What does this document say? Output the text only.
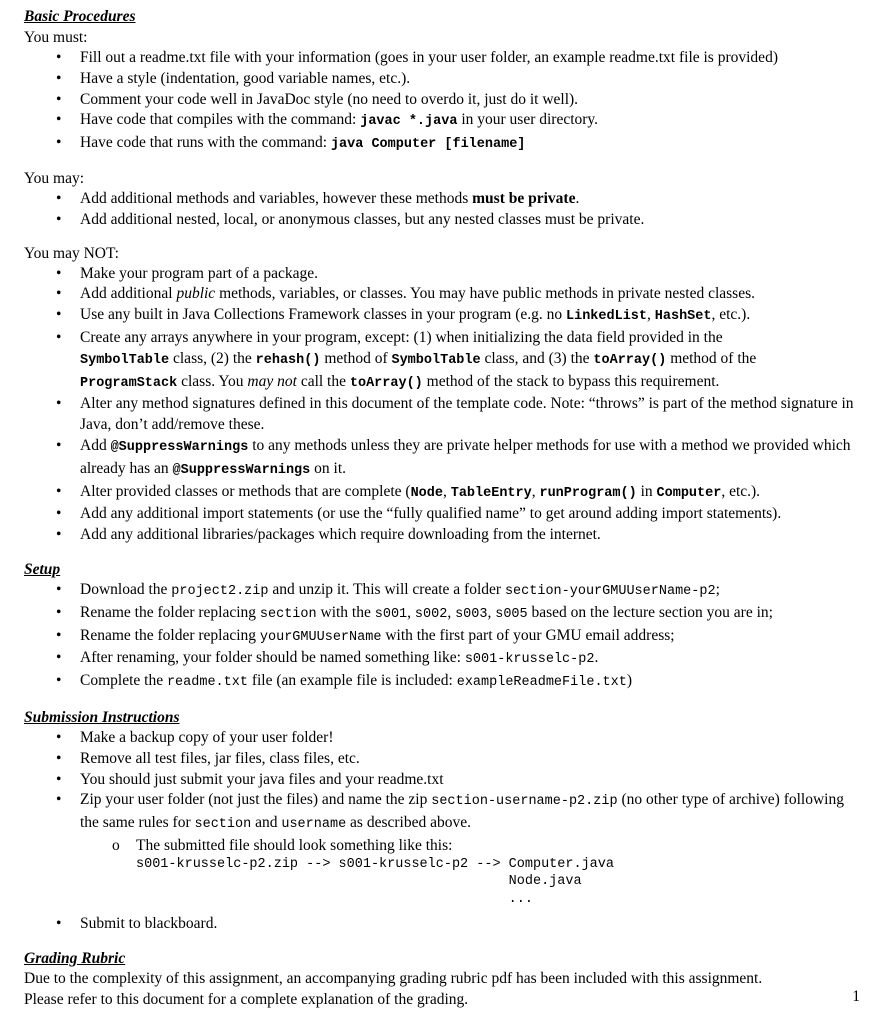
Basic Procedures
You must:
• Fill out a readme.txt file with your information (goes in your user folder, an example readme.txt file is provided)
• Have a style (indentation, good variable names, etc.).
• Comment your code well in JavaDoc style (no need to overdo it, just do it well).
• Have code that compiles with the command: javac *.java in your user directory.
• Have code that runs with the command: java Computer [filename]
You may:
• Add additional methods and variables, however these methods must be private.
• Add additional nested, local, or anonymous classes, but any nested classes must be private.
You may NOT:
• Make your program part of a package.
• Add additional public methods, variables, or classes. You may have public methods in private nested classes.
• Use any built in Java Collections Framework classes in your program (e.g. no LinkedList, HashSet, etc.).
• Create any arrays anywhere in your program, except: (1) when initializing the data field provided in the
SymbolTable class, (2) the rehash() method of SymbolTable class, and (3) the toArray() method of the
ProgramStack class. You may not call the toArray() method of the stack to bypass this requirement.
• Alter any method signatures defined in this document of the template code. Note: “throws” is part of the method signature in Java, don’t add/remove these.
• Add @SuppressWarnings to any methods unless they are private helper methods for use with a method we provided which already has an @SuppressWarnings on it.
• Alter provided classes or methods that are complete (Node, TableEntry, runProgram() in Computer, etc.).
• Add any additional import statements (or use the “fully qualified name” to get around adding import statements).
• Add any additional libraries/packages which require downloading from the internet.
Setup
• Download the project2.zip and unzip it. This will create a folder section-yourGMUUserName-p2;
• Rename the folder replacing section with the s001, s002, s003, s005 based on the lecture section you are in;
• Rename the folder replacing yourGMUUserName with the first part of your GMU email address;
• After renaming, your folder should be named something like: s001-krusselc-p2.
• Complete the readme.txt file (an example file is included: exampleReadmeFile.txt)
Submission Instructions
• Make a backup copy of your user folder!
• Remove all test files, jar files, class files, etc.
• You should just submit your java files and your readme.txt
• Zip your user folder (not just the files) and name the zip section-username-p2.zip (no other type of archive) following the same rules for section and username as described above.
o The submitted file should look something like this:
s001-krusselc-p2.zip --> s001-krusselc-p2 --> Computer.java
Node.java
...
• Submit to blackboard.
Grading Rubric

Due to the complexity of this assignment, an accompanying grading rubric pdf has been included with this assignment.

Please refer to this document for a complete explanation of the grading.	1
